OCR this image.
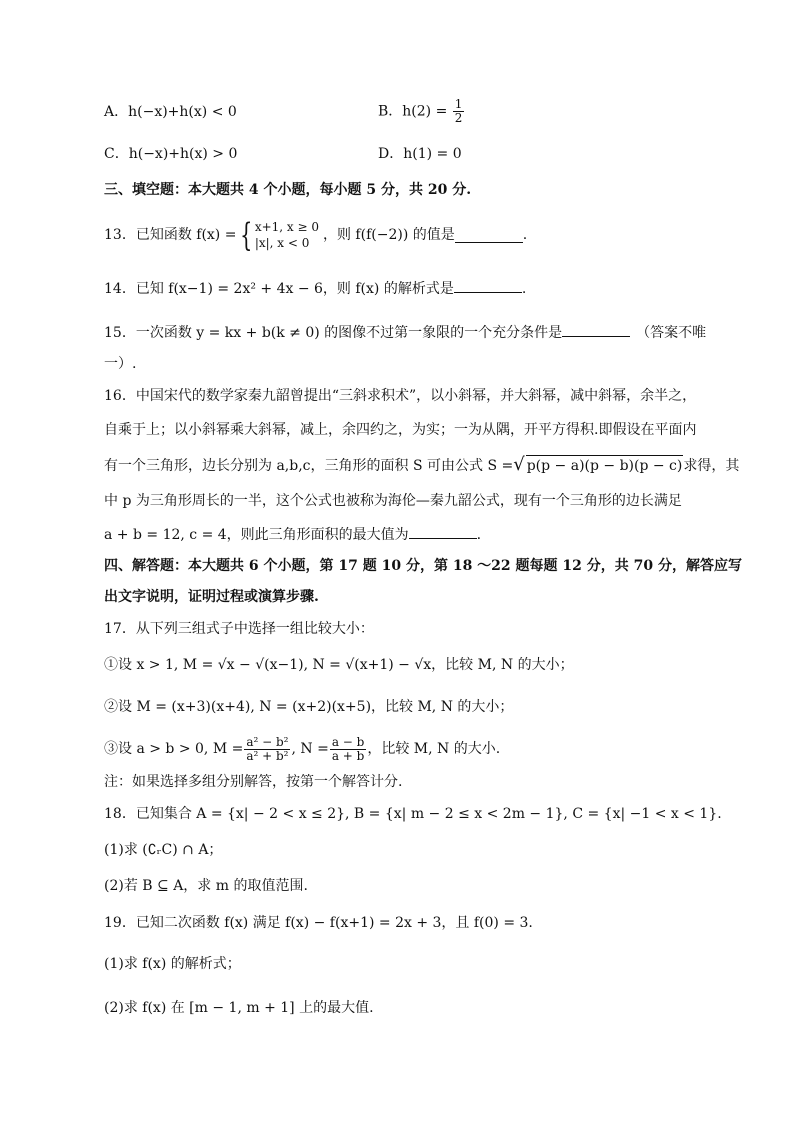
A．h(−x)+h(x) < 0	B．$h(2) = \frac{1}{2}$
C．h(−x)+h(x) > 0	D．h(1) = 0
三、填空题：本大题共 4 个小题，每小题 5 分，共 20 分.
13．已知函数 f(x) = { x+1, x ≥ 0
|x|, x < 0 ，则 f(f(−2)) 的值是	.
14．已知 f(x−1) = 2x² + 4x − 6，则 f(x) 的解析式是	.
15．一次函数 y = kx + b(k ≠ 0) 的图像不过第一象限的一个充分条件是	（答案不唯
一）.
16．中国宋代的数学家秦九韶曾提出“三斜求积术”，以小斜幂，并大斜幂，减中斜幂，余半之，
自乘于上；以小斜幂乘大斜幂，减上，余四约之，为实；一为从隅，开平方得积.即假设在平面内
有一个三角形，边长分别为 a,b,c，三角形的面积 S 可由公式 S =√ p(p − a)(p − b)(p − c)求得，其
中 p 为三角形周长的一半，这个公式也被称为海伦—秦九韶公式，现有一个三角形的边长满足
a + b = 12, c = 4，则此三角形面积的最大值为	.
四、解答题：本大题共 6 个小题，第 17 题 10 分，第 18 ～22 题每题 12 分，共 70 分，解答应写
出文字说明，证明过程或演算步骤.
17．从下列三组式子中选择一组比较大小：
①设 x > 1, M = √x − √(x−1), N = √(x+1) − √x，比较 M, N 的大小；
②设 M = (x+3)(x+4), N = (x+2)(x+5)，比较 M, N 的大小；
③设 a > b > 0, $M = \frac{\text{a² − b²}}{\text{a² + b²}}$ , $N = \frac{a - b}{a + b}$ ，比较 M, N 的大小.
注：如果选择多组分别解答，按第一个解答计分.
18．已知集合 A = {x| − 2 < x ≤ 2}, B = {x| m − 2 ≤ x < 2m − 1}, C = {x| −1 < x < 1}.
(1)求 (∁ᵣC) ∩ A；
(2)若 B ⊆ A，求 m 的取值范围.
19．已知二次函数 f(x) 满足 f(x) − f(x+1) = 2x + 3，且 f(0) = 3.
(1)求 f(x) 的解析式；
(2)求 f(x) 在 [m − 1, m + 1] 上的最大值.
